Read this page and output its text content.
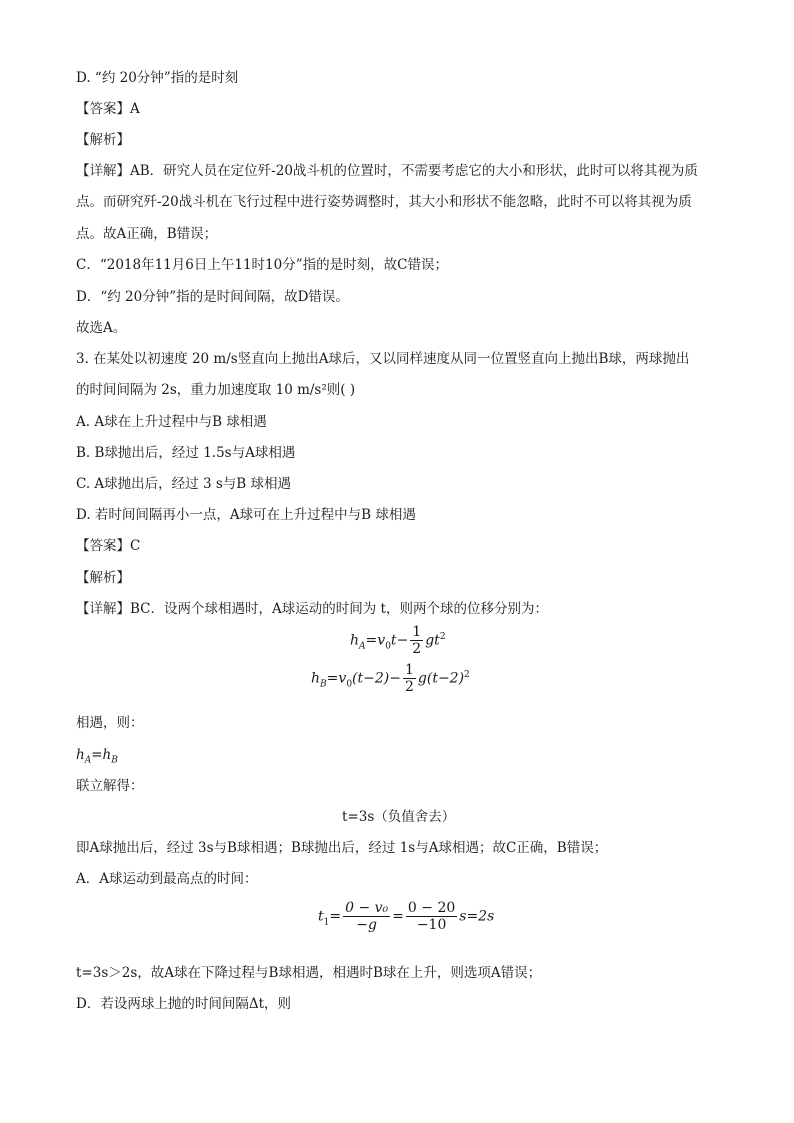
D. “约 20分钟”指的是时刻
【答案】A
【解析】
【详解】AB．研究人员在定位歼-20战斗机的位置时，不需要考虑它的大小和形状，此时可以将其视为质
点。而研究歼-20战斗机在飞行过程中进行姿势调整时，其大小和形状不能忽略，此时不可以将其视为质
点。故A正确，B错误；
C．“2018年11月6日上午11时10分”指的是时刻，故C错误；
D．“约 20分钟”指的是时间间隔，故D错误。
故选A。
3. 在某处以初速度 20 m/s竖直向上抛出A球后，又以同样速度从同一位置竖直向上抛出B球，两球抛出
的时间间隔为 2s，重力加速度取 10 m/s²则( )
A. A球在上升过程中与B 球相遇
B. B球抛出后，经过 1.5s与A球相遇
C. A球抛出后，经过 3 s与B 球相遇
D. 若时间间隔再小一点，A球可在上升过程中与B 球相遇
【答案】C
【解析】
【详解】BC．设两个球相遇时，A球运动的时间为 t，则两个球的位移分别为：
$h_A=v_0t- \frac{1}{2} gt^2$
$h_B=v_0(t-2)- \frac{1}{2} g(t-2)^2$
相遇，则：
$h_A=h_B$
联立解得：
t=3s（负值舍去）
即A球抛出后，经过 3s与B球相遇；B球抛出后，经过 1s与A球相遇；故C正确，B错误；
A．A球运动到最高点的时间：
$t_1= \frac{\text{0 − v₀}}{-g} = \frac{0 - 20}{-10} s=2s$
t=3s＞2s，故A球在下降过程与B球相遇，相遇时B球在上升，则选项A错误；
D．若设两球上抛的时间间隔Δt，则
